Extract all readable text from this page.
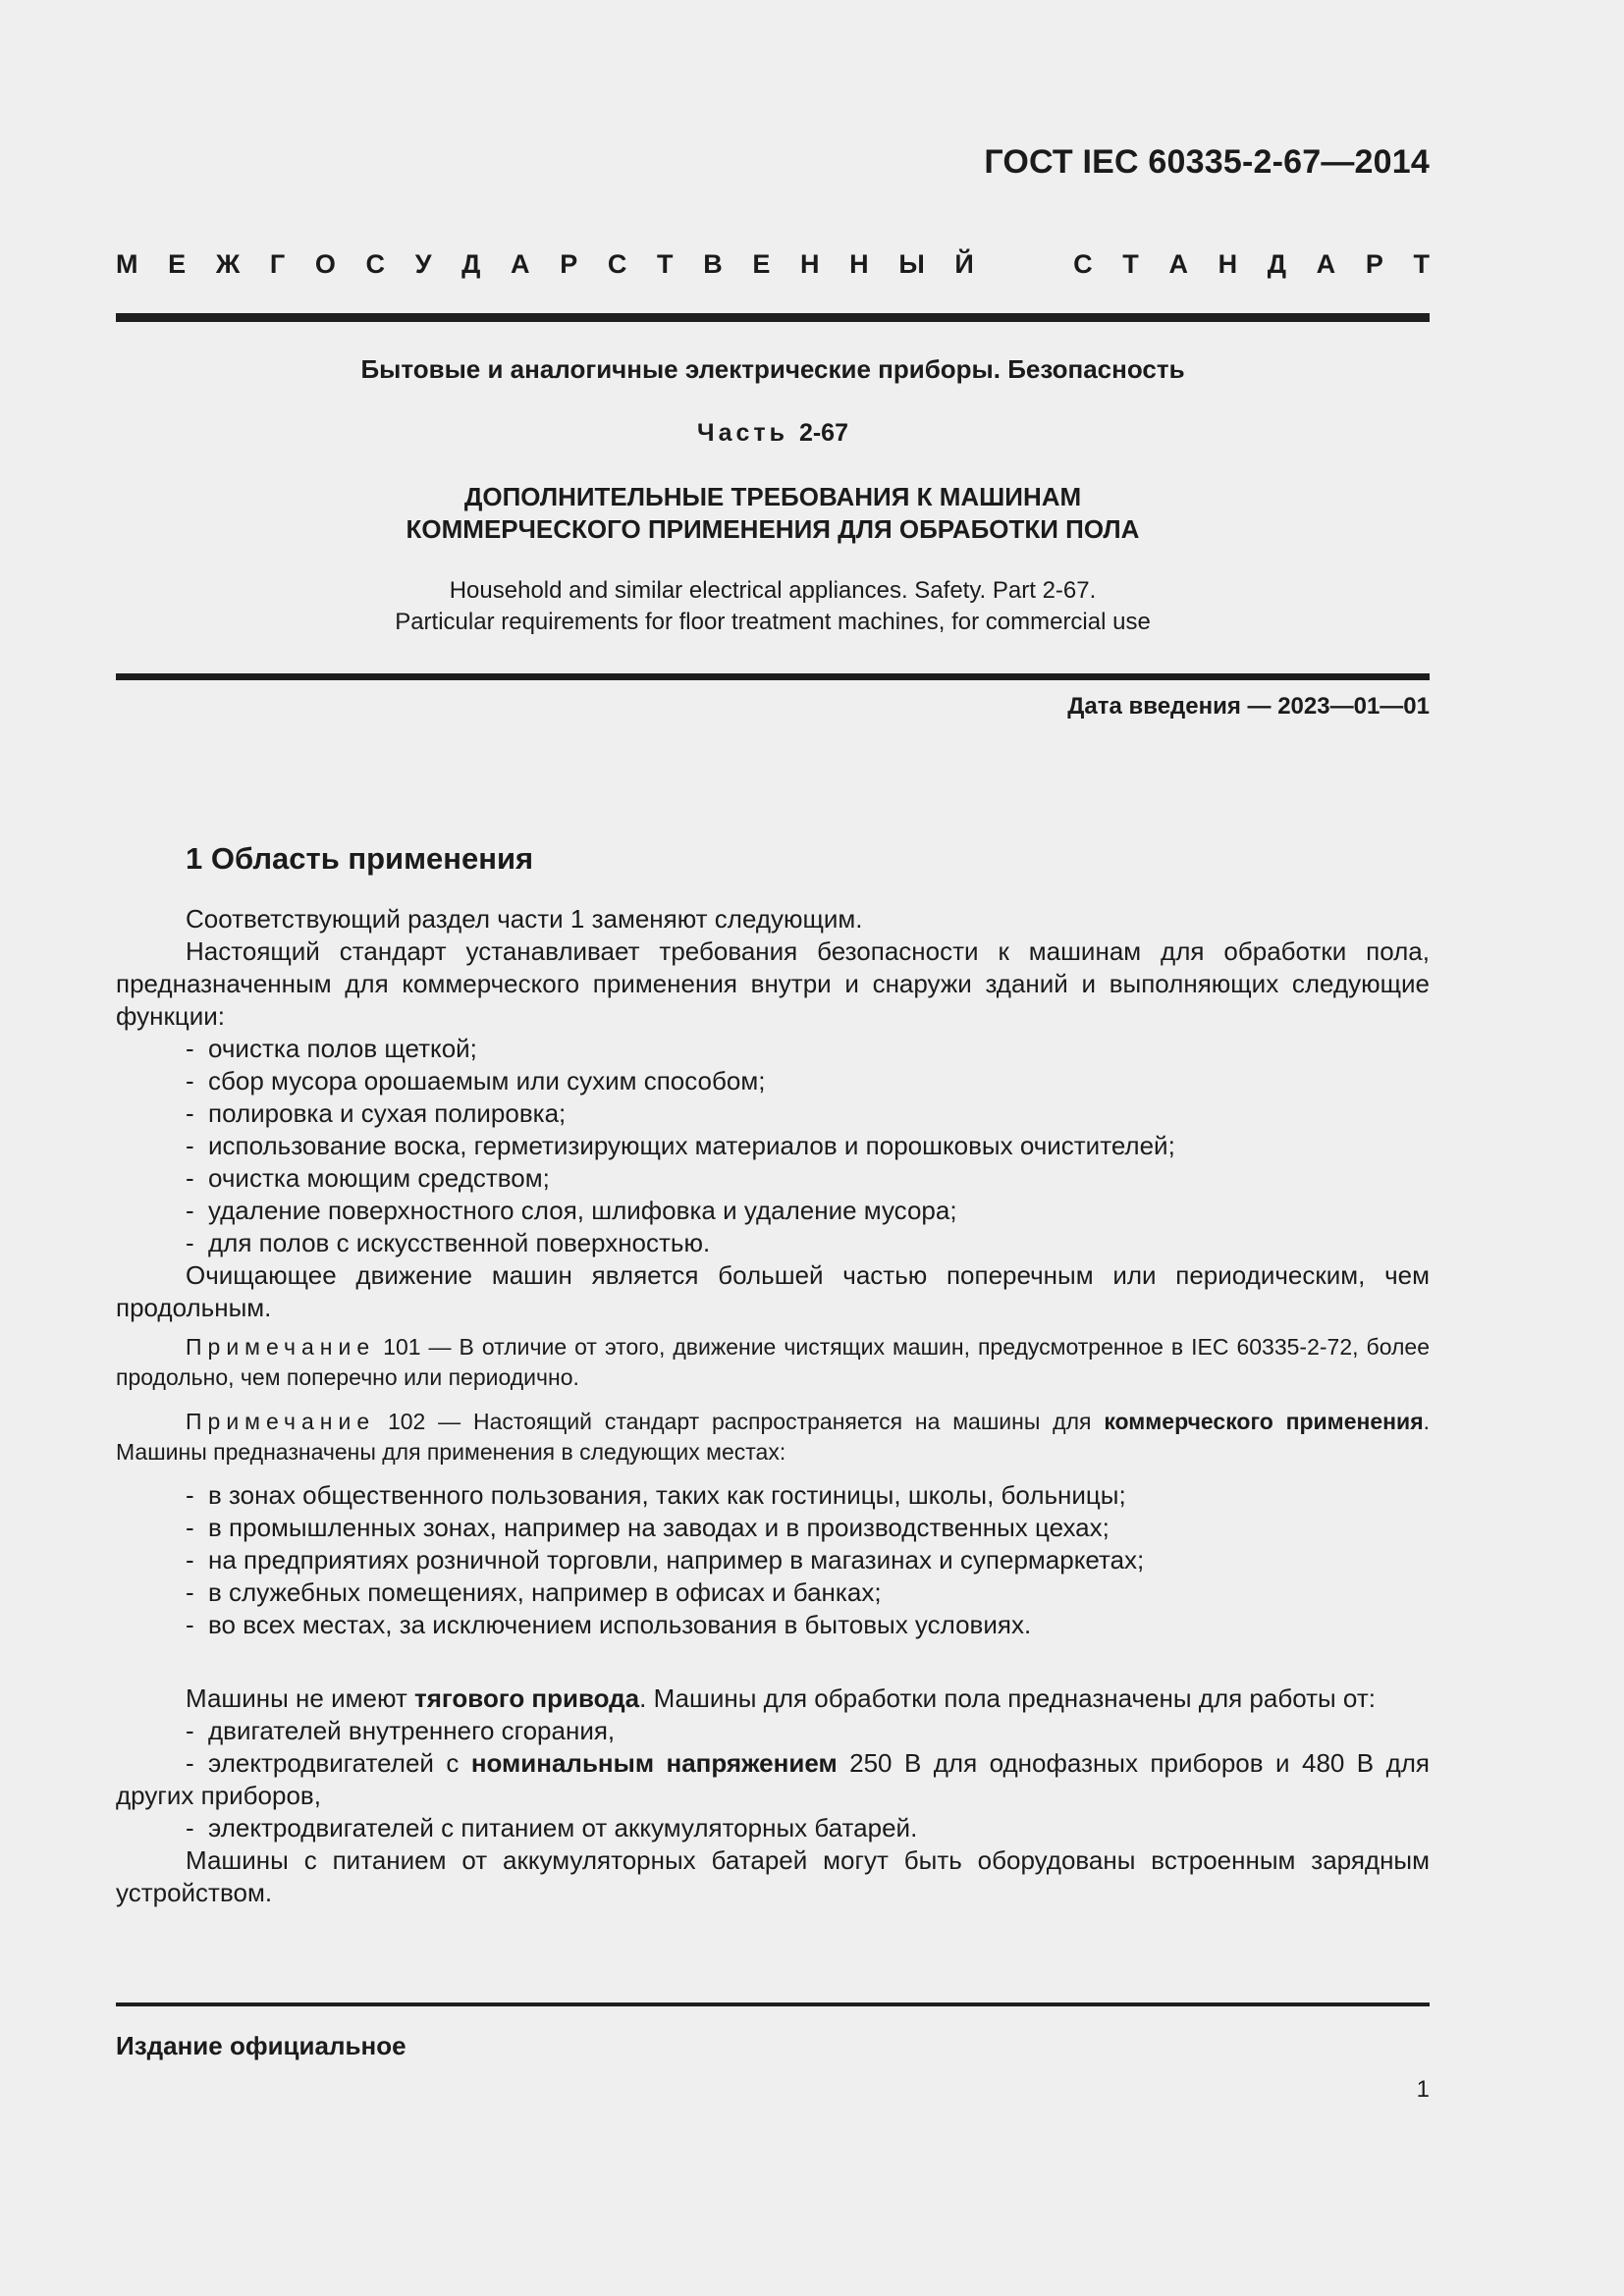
ГОСТ IEC 60335-2-67—2014

М Е Ж Г О С У Д А Р С Т В Е Н Н Ы Й	С Т А Н Д А Р Т

Бытовые и аналогичные электрические приборы. Безопасность

Часть 2-67

ДОПОЛНИТЕЛЬНЫЕ ТРЕБОВАНИЯ К МАШИНАМ
КОММЕРЧЕСКОГО ПРИМЕНЕНИЯ ДЛЯ ОБРАБОТКИ ПОЛА

Household and similar electrical appliances. Safety. Part 2-67.
Particular requirements for floor treatment machines, for commercial use

Дата введения — 2023—01—01

1 Область применения

Соответствующий раздел части 1 заменяют следующим.

Настоящий стандарт устанавливает требования безопасности к машинам для обработки пола, предназначенным для коммерческого применения внутри и снаружи зданий и выполняющих следующие функции:

- очистка полов щеткой;

- сбор мусора орошаемым или сухим способом;

- полировка и сухая полировка;

- использование воска, герметизирующих материалов и порошковых очистителей;

- очистка моющим средством;

- удаление поверхностного слоя, шлифовка и удаление мусора;

- для полов с искусственной поверхностью.

Очищающее движение машин является большей частью поперечным или периодическим, чем продольным.

Примечание 101 — В отличие от этого, движение чистящих машин, предусмотренное в IEC 60335-2-72, более продольно, чем поперечно или периодично.

Примечание 102 — Настоящий стандарт распространяется на машины для коммерческого применения. Машины предназначены для применения в следующих местах:

- в зонах общественного пользования, таких как гостиницы, школы, больницы;

- в промышленных зонах, например на заводах и в производственных цехах;

- на предприятиях розничной торговли, например в магазинах и супермаркетах;

- в служебных помещениях, например в офисах и банках;

- во всех местах, за исключением использования в бытовых условиях.

Машины не имеют тягового привода. Машины для обработки пола предназначены для работы от:

- двигателей внутреннего сгорания,

- электродвигателей с номинальным напряжением 250 В для однофазных приборов и 480 В для других приборов,

- электродвигателей с питанием от аккумуляторных батарей.

Машины с питанием от аккумуляторных батарей могут быть оборудованы встроенным зарядным устройством.

Издание официальное

1
